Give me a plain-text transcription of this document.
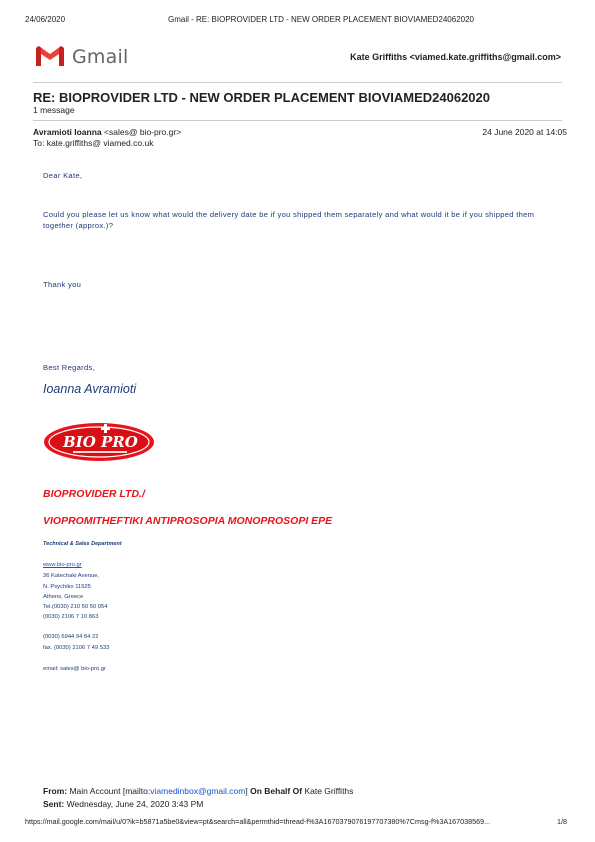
24/06/2020	Gmail - RE: BIOPROVIDER LTD - NEW ORDER PLACEMENT BIOVIAMED24062020
Gmail	Kate Griffiths <viamed.kate.griffiths@gmail.com>
RE: BIOPROVIDER LTD - NEW ORDER PLACEMENT BIOVIAMED24062020
1 message
Avramioti Ioanna <sales@ bio-pro.gr>	24 June 2020 at 14:05
To: kate.griffiths@ viamed.co.uk
Dear Kate,
Could you please let us know what would the delivery date be if you shipped them separately and what would it be if you shipped them
together (approx.)?
Thank you
Best Regards,
Ioanna Avramioti
BIO PRO
BIOPROVIDER LTD./
VIOPROMITHEFTIKI ANTIPROSOPIA MONOPROSOPI EPE
Technical & Sales Department
www.bio-pro.gr
36 Katechaki Avenue,
N. Psychiko 11525
Athens, Greece
Tel.(0030) 210 50 50 054
(0030) 2106 7 10 863
(0030) 6944 94 84 22
fax. (0030) 2106 7 49 533
email: sales@ bio-pro.gr
From: Main Account [mailto:viamedinbox@gmail.com] On Behalf Of Kate Griffiths
Sent: Wednesday, June 24, 2020 3:43 PM
https://mail.google.com/mail/u/0?ik=b5871a5be0&view=pt&search=all&permthid=thread-f%3A1670379076197707380%7Cmsg-f%3A167038569...	1/8
